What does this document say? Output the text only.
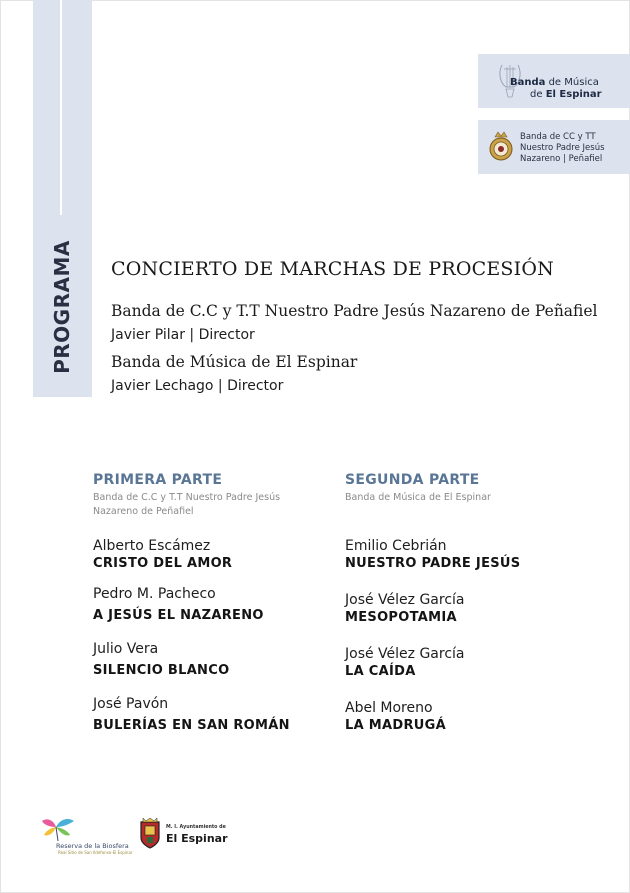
PROGRAMA
Banda de Música
de El Espinar
Banda de CC y TT Nuestro Padre Jesús Nazareno | Peñafiel
CONCIERTO DE MARCHAS DE PROCESIÓN
Banda de C.C y T.T Nuestro Padre Jesús Nazareno de Peñafiel
Javier Pilar | Director
Banda de Música de El Espinar
Javier Lechago | Director
PRIMERA PARTE
Banda de C.C y T.T Nuestro Padre Jesús Nazareno de Peñafiel
Alberto Escámez
CRISTO DEL AMOR
Pedro M. Pacheco
A JESÚS EL NAZARENO
Julio Vera
SILENCIO BLANCO
José Pavón
BULERÍAS EN SAN ROMÁN
SEGUNDA PARTE
Banda de Música de El Espinar
Emilio Cebrián
NUESTRO PADRE JESÚS
José Vélez García
MESOPOTAMIA
José Vélez García
LA CAÍDA
Abel Moreno
LA MADRUGÁ
Reserva de la Biosfera
Real Sitio de San Ildefonso-El Espinar
M. I. Ayuntamiento de
El Espinar
